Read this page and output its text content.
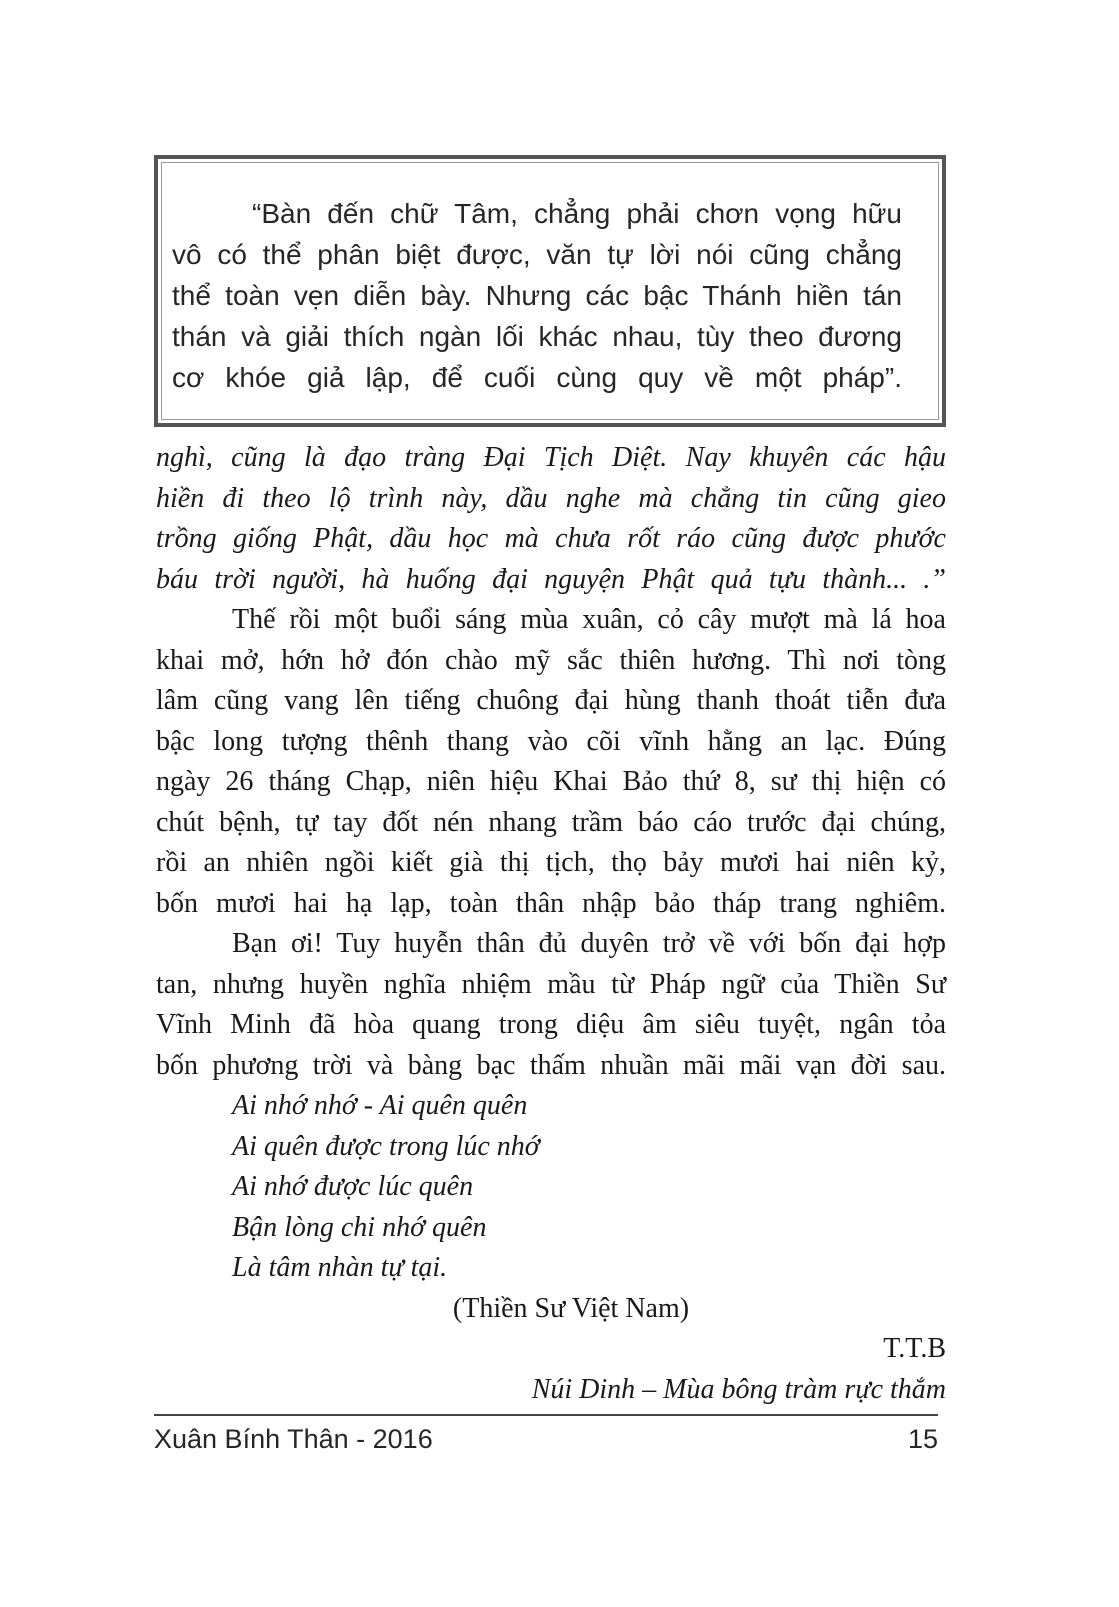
“Bàn đến chữ Tâm, chẳng phải chơn vọng hữu
vô có thể phân biệt được, văn tự lời nói cũng chẳng
thể toàn vẹn diễn bày. Nhưng các bậc Thánh hiền tán
thán và giải thích ngàn lối khác nhau, tùy theo đương
cơ khóe giả lập, để cuối cùng quy về một pháp”.

nghì, cũng là đạo tràng Đại Tịch Diệt. Nay khuyên các hậu
hiền đi theo lộ trình này, dầu nghe mà chẳng tin cũng gieo
trồng giống Phật, dầu học mà chưa rốt ráo cũng được phước
báu trời người, hà huống đại nguyện Phật quả tựu thành... .”

Thế rồi một buổi sáng mùa xuân, cỏ cây mượt mà lá hoa
khai mở, hớn hở đón chào mỹ sắc thiên hương. Thì nơi tòng
lâm cũng vang lên tiếng chuông đại hùng thanh thoát tiễn đưa
bậc long tượng thênh thang vào cõi vĩnh hằng an lạc. Đúng
ngày 26 tháng Chạp, niên hiệu Khai Bảo thứ 8, sư thị hiện có
chút bệnh, tự tay đốt nén nhang trầm báo cáo trước đại chúng,
rồi an nhiên ngồi kiết già thị tịch, thọ bảy mươi hai niên kỷ,
bốn mươi hai hạ lạp, toàn thân nhập bảo tháp trang nghiêm.

Bạn ơi! Tuy huyễn thân đủ duyên trở về với bốn đại hợp
tan, nhưng huyền nghĩa nhiệm mầu từ Pháp ngữ của Thiền Sư
Vĩnh Minh đã hòa quang trong diệu âm siêu tuyệt, ngân tỏa
bốn phương trời và bàng bạc thấm nhuần mãi mãi vạn đời sau.

Ai nhớ nhớ - Ai quên quên
Ai quên được trong lúc nhớ
Ai nhớ được lúc quên
Bận lòng chi nhớ quên
Là tâm nhàn tự tại.
(Thiền Sư Việt Nam)
T.T.B
Núi Dinh – Mùa bông tràm rực thắm
Xuân Bính Thân - 2016	15
